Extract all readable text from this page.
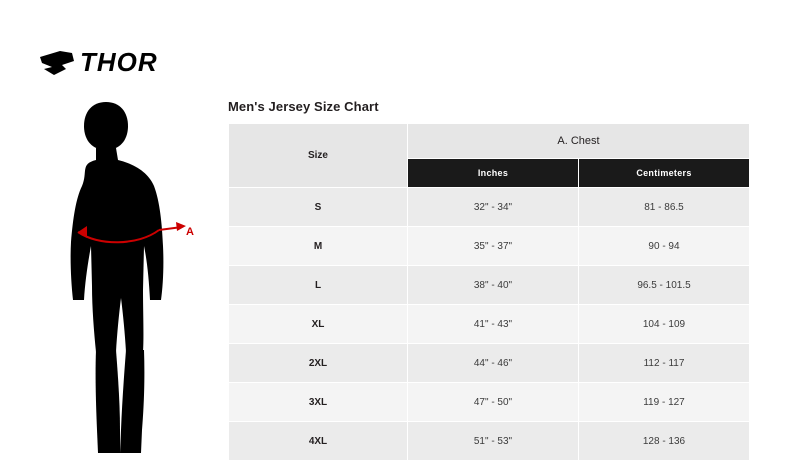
THOR
A
Men's Jersey Size Chart
Size	A. Chest	
	Inches	Centimeters
S	32" - 34"	81 - 86.5
M	35" - 37"	90 - 94
L	38" - 40"	96.5 - 101.5
XL	41" - 43"	104 - 109
2XL	44" - 46"	112 - 117
3XL	47" - 50"	119 - 127
4XL	51" - 53"	128 - 136
